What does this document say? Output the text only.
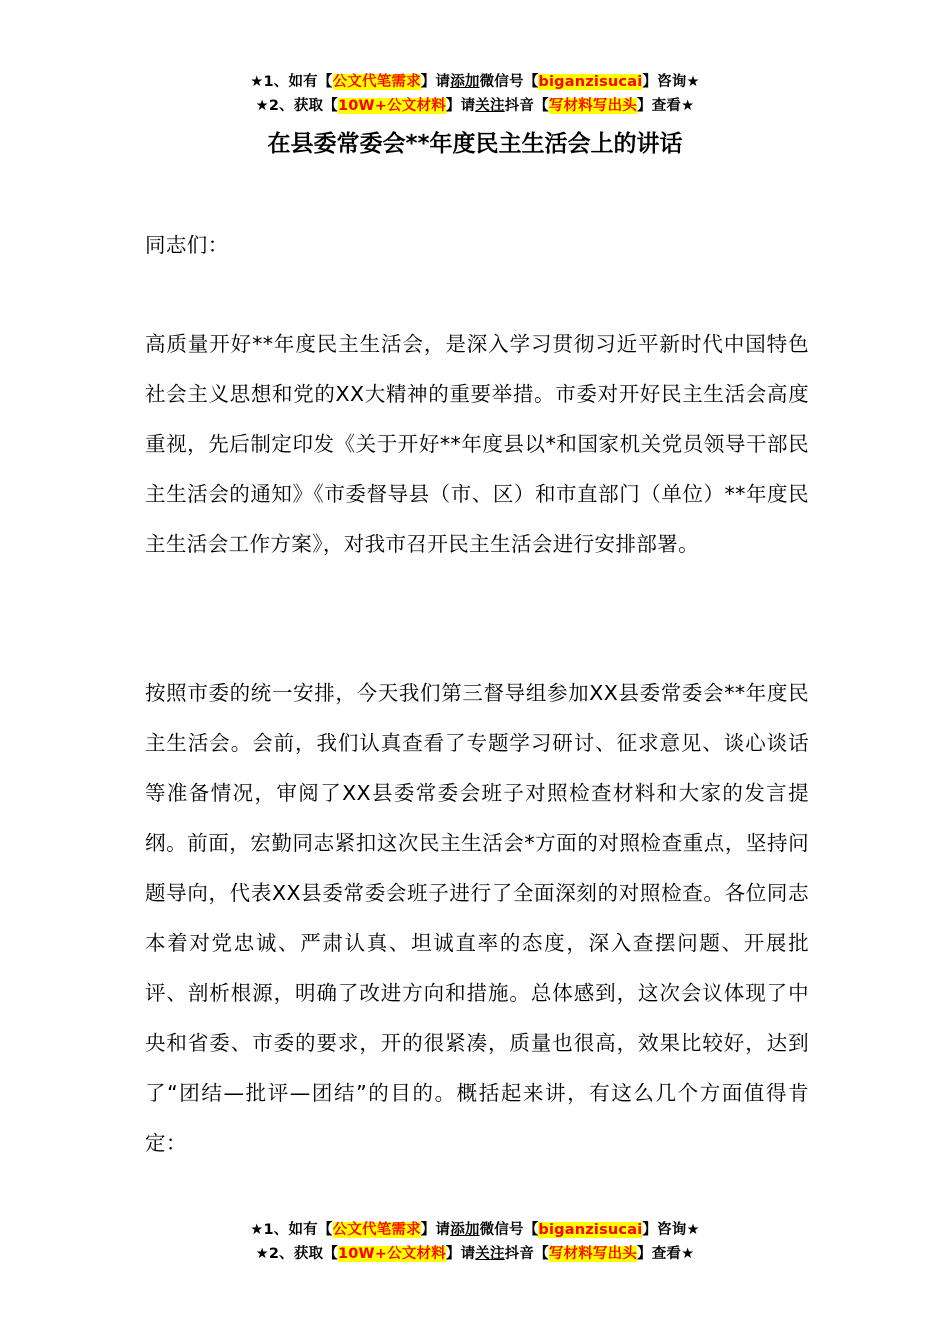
★1、如有【公文代笔需求】请添加微信号【biganzisucai】咨询★
★2、获取【10W+公文材料】请关注抖音【写材料写出头】查看★
在县委常委会**年度民主生活会上的讲话

同志们：

高质量开好**年度民主生活会，是深入学习贯彻习近平新时代中国特色社会主义思想和党的XX大精神的重要举措。市委对开好民主生活会高度重视，先后制定印发《关于开好**年度县以*和国家机关党员领导干部民主生活会的通知》《市委督导县（市、区）和市直部门（单位）**年度民主生活会工作方案》，对我市召开民主生活会进行安排部署。

按照市委的统一安排，今天我们第三督导组参加XX县委常委会**年度民主生活会。会前，我们认真查看了专题学习研讨、征求意见、谈心谈话等准备情况，审阅了XX县委常委会班子对照检查材料和大家的发言提纲。前面，宏勤同志紧扣这次民主生活会*方面的对照检查重点，坚持问题导向，代表XX县委常委会班子进行了全面深刻的对照检查。各位同志本着对党忠诚、严肃认真、坦诚直率的态度，深入查摆问题、开展批评、剖析根源，明确了改进方向和措施。总体感到，这次会议体现了中央和省委、市委的要求，开的很紧凑，质量也很高，效果比较好，达到了“团结—批评—团结”的目的。概括起来讲，有这么几个方面值得肯定：

★1、如有【公文代笔需求】请添加微信号【biganzisucai】咨询★
★2、获取【10W+公文材料】请关注抖音【写材料写出头】查看★
